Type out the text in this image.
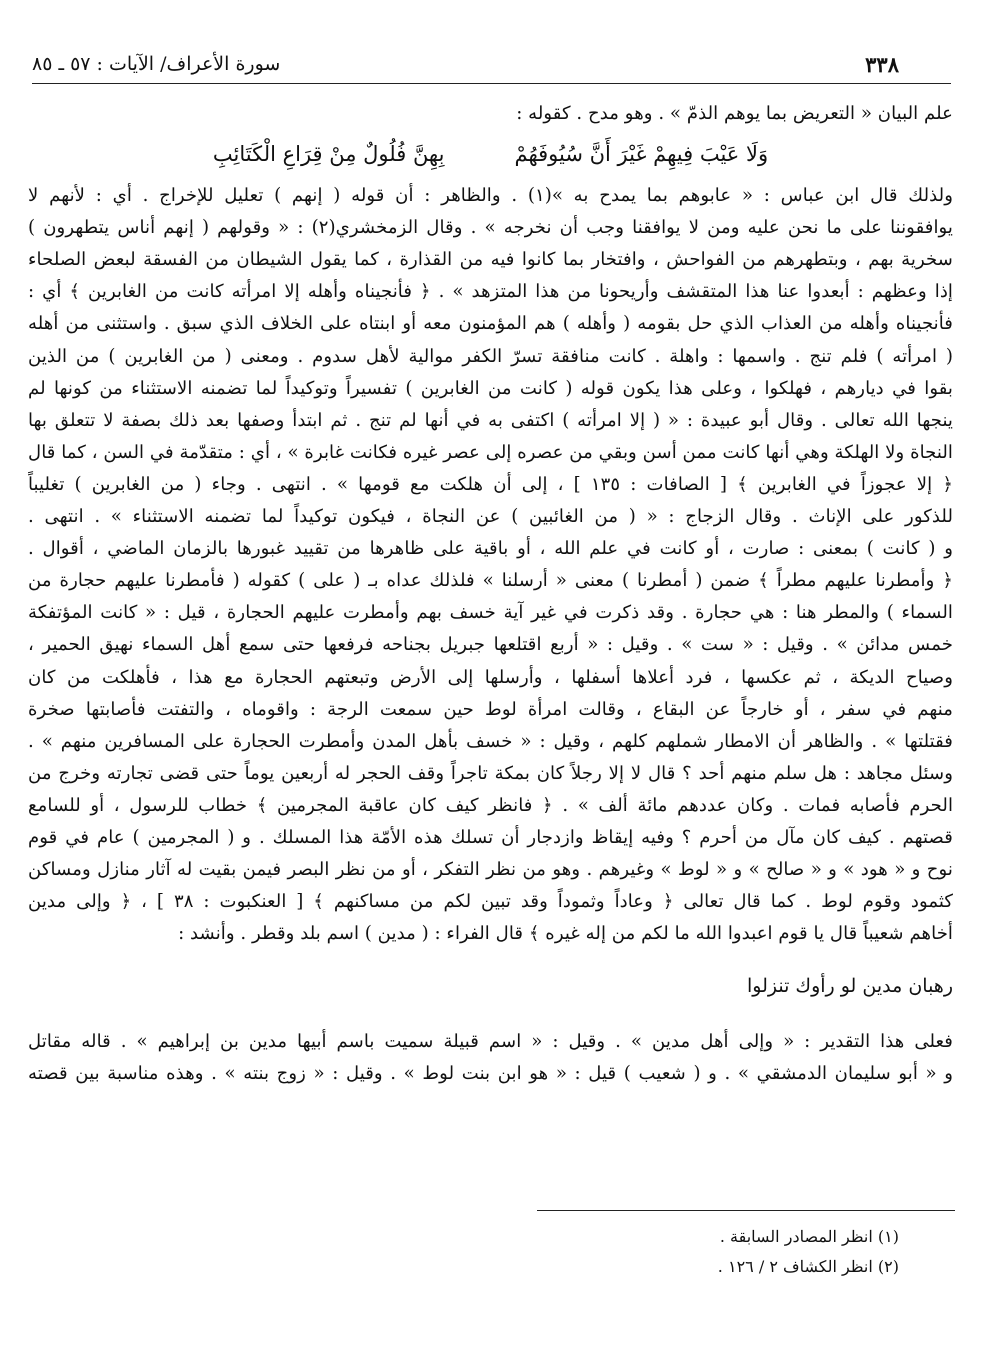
٣٣٨
سورة الأعراف/ الآيات : ٥٧ ـ ٨٥
علم البيان « التعريض بما يوهم الذمّ » . وهو مدح . كقوله :
وَلَا عَيْبَ فِيهِمْ غَيْرَ أَنَّ سُيُوفَهُمْ
بِهِنَّ فُلُولٌ مِنْ قِرَاعِ الْكَتَائِبِ
ولذلك قال ابن عباس : « عابوهم بما يمدح به »(١) . والظاهر : أن قوله ( إنهم ) تعليل للإخراج . أي : لأنهم لا
يوافقوننا على ما نحن عليه ومن لا يوافقنا وجب أن نخرجه » . وقال الزمخشري(٢) : « وقولهم ( إنهم أناس يتطهرون )
سخرية بهم ، وبتطهرهم من الفواحش ، وافتخار بما كانوا فيه من القذارة ، كما يقول الشيطان من الفسقة لبعض الصلحاء
إذا وعظهم : أبعدوا عنا هذا المتقشف وأريحونا من هذا المتزهد » . ﴿ فأنجيناه وأهله إلا امرأته كانت من الغابرين ﴾ أي :
فأنجيناه وأهله من العذاب الذي حل بقومه ( وأهله ) هم المؤمنون معه أو ابنتاه على الخلاف الذي سبق . واستثنى من أهله
( امرأته ) فلم تنج . واسمها : واهلة . كانت منافقة تسرّ الكفر موالية لأهل سدوم . ومعنى ( من الغابرين ) من الذين
بقوا في ديارهم ، فهلكوا ، وعلى هذا يكون قوله ( كانت من الغابرين ) تفسيراً وتوكيداً لما تضمنه الاستثناء من كونها لم
ينجها الله تعالى . وقال أبو عبيدة : « ( إلا امرأته ) اكتفى به في أنها لم تنج . ثم ابتدأ وصفها بعد ذلك بصفة لا تتعلق بها
النجاة ولا الهلكة وهي أنها كانت ممن أسن وبقي من عصره إلى عصر غيره فكانت غابرة » ، أي : متقدّمة في السن ، كما قال
﴿ إلا عجوزاً في الغابرين ﴾ [ الصافات : ١٣٥ ] ، إلى أن هلكت مع قومها » . انتهى . وجاء ( من الغابرين ) تغليباً
للذكور على الإناث . وقال الزجاج : « ( من الغائبين ) عن النجاة ، فيكون توكيداً لما تضمنه الاستثناء » . انتهى .
و ( كانت ) بمعنى : صارت ، أو كانت في علم الله ، أو باقية على ظاهرها من تقييد غبورها بالزمان الماضي ، أقوال .
﴿ وأمطرنا عليهم مطراً ﴾ ضمن ( أمطرنا ) معنى « أرسلنا » فلذلك عداه بـ ( على ) كقوله ( فأمطرنا عليهم حجارة من
السماء ) والمطر هنا : هي حجارة . وقد ذكرت في غير آية خسف بهم وأمطرت عليهم الحجارة ، قيل : « كانت المؤتفكة
خمس مدائن » . وقيل : « ست » . وقيل : « أربع اقتلعها جبريل بجناحه فرفعها حتى سمع أهل السماء نهيق الحمير ،
وصياح الديكة ، ثم عكسها ، فرد أعلاها أسفلها ، وأرسلها إلى الأرض وتبعتهم الحجارة مع هذا ، فأهلكت من كان
منهم في سفر ، أو خارجاً عن البقاع ، وقالت امرأة لوط حين سمعت الرجة : واقوماه ، والتفتت فأصابتها صخرة
فقتلتها » . والظاهر أن الامطار شملهم كلهم ، وقيل : « خسف بأهل المدن وأمطرت الحجارة على المسافرين منهم » .
وسئل مجاهد : هل سلم منهم أحد ؟ قال لا إلا رجلاً كان بمكة تاجراً وقف الحجر له أربعين يوماً حتى قضى تجارته وخرج من
الحرم فأصابه فمات . وكان عددهم مائة ألف » . ﴿ فانظر كيف كان عاقبة المجرمين ﴾ خطاب للرسول ، أو للسامع
قصتهم . كيف كان مآل من أحرم ؟ وفيه إيقاظ وازدجار أن تسلك هذه الأمّة هذا المسلك . و ( المجرمين ) عام في قوم
نوح و « هود » و « صالح » و « لوط » وغيرهم . وهو من نظر التفكر ، أو من نظر البصر فيمن بقيت له آثار منازل ومساكن
كثمود وقوم لوط . كما قال تعالى ﴿ وعاداً وثموداً وقد تبين لكم من مساكنهم ﴾ [ العنكبوت : ٣٨ ] ، ﴿ وإلى مدين
أخاهم شعيباً قال يا قوم اعبدوا الله ما لكم من إله غيره ﴾ قال الفراء : ( مدين ) اسم بلد وقطر . وأنشد :
رهبان مدين لو رأوك تنزلوا
فعلى هذا التقدير : « وإلى أهل مدين » . وقيل : « اسم قبيلة سميت باسم أبيها مدين بن إبراهيم » . قاله مقاتل
و « أبو سليمان الدمشقي » . و ( شعيب ) قيل : « هو ابن بنت لوط » . وقيل : « زوج بنته » . وهذه مناسبة بين قصته
(١) انظر المصادر السابقة .
(٢) انظر الكشاف ٢ / ١٢٦ .
